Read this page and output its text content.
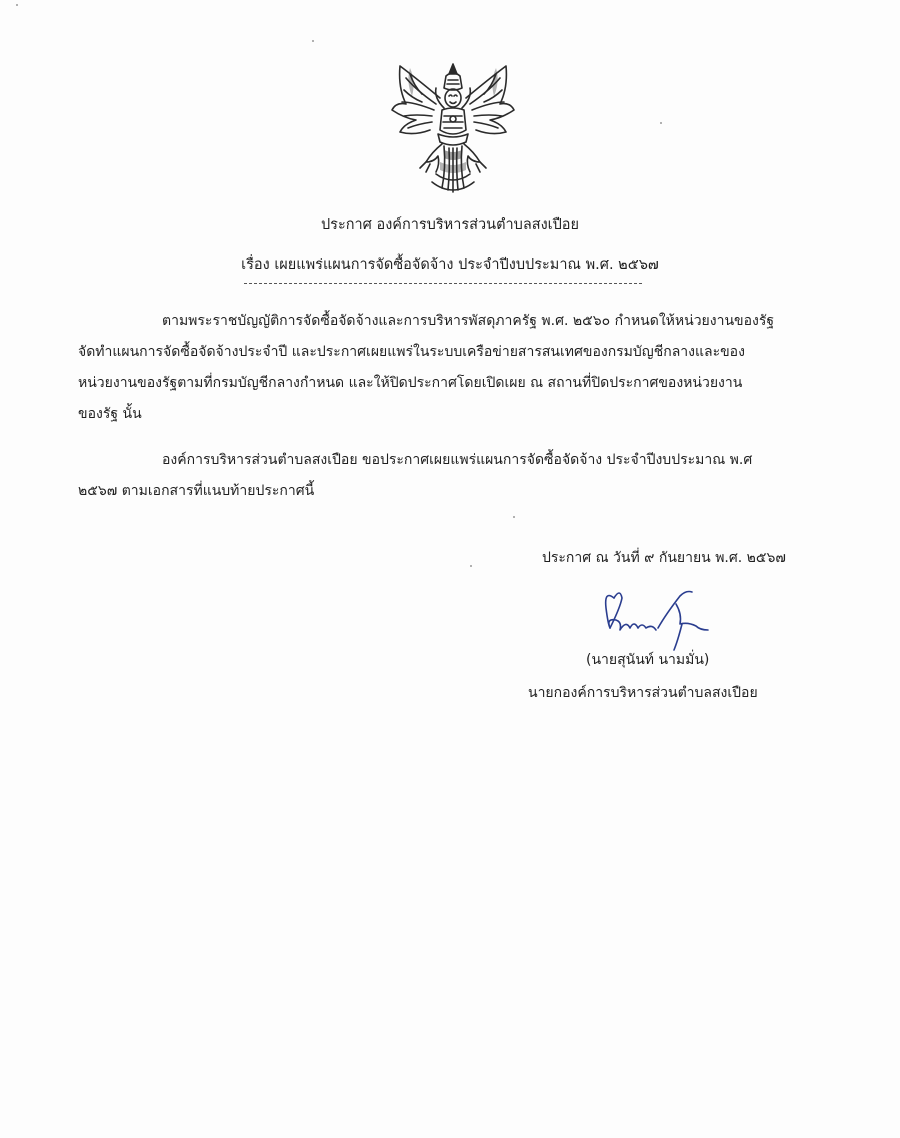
ประกาศ องค์การบริหารส่วนตำบลสงเปือย
เรื่อง เผยแพร่แผนการจัดซื้อจัดจ้าง ประจำปีงบประมาณ พ.ศ. ๒๕๖๗
ตามพระราชบัญญัติการจัดซื้อจัดจ้างและการบริหารพัสดุภาครัฐ พ.ศ. ๒๕๖๐ กำหนดให้หน่วยงานของรัฐ
จัดทำแผนการจัดซื้อจัดจ้างประจำปี และประกาศเผยแพร่ในระบบเครือข่ายสารสนเทศของกรมบัญชีกลางและของ
หน่วยงานของรัฐตามที่กรมบัญชีกลางกำหนด และให้ปิดประกาศโดยเปิดเผย ณ สถานที่ปิดประกาศของหน่วยงาน
ของรัฐ นั้น
องค์การบริหารส่วนตำบลสงเปือย ขอประกาศเผยแพร่แผนการจัดซื้อจัดจ้าง ประจำปีงบประมาณ พ.ศ
๒๕๖๗ ตามเอกสารที่แนบท้ายประกาศนี้
ประกาศ ณ วันที่ ๙ กันยายน พ.ศ. ๒๕๖๗
(นายสุนันท์ นามมั่น)
นายกองค์การบริหารส่วนตำบลสงเปือย
